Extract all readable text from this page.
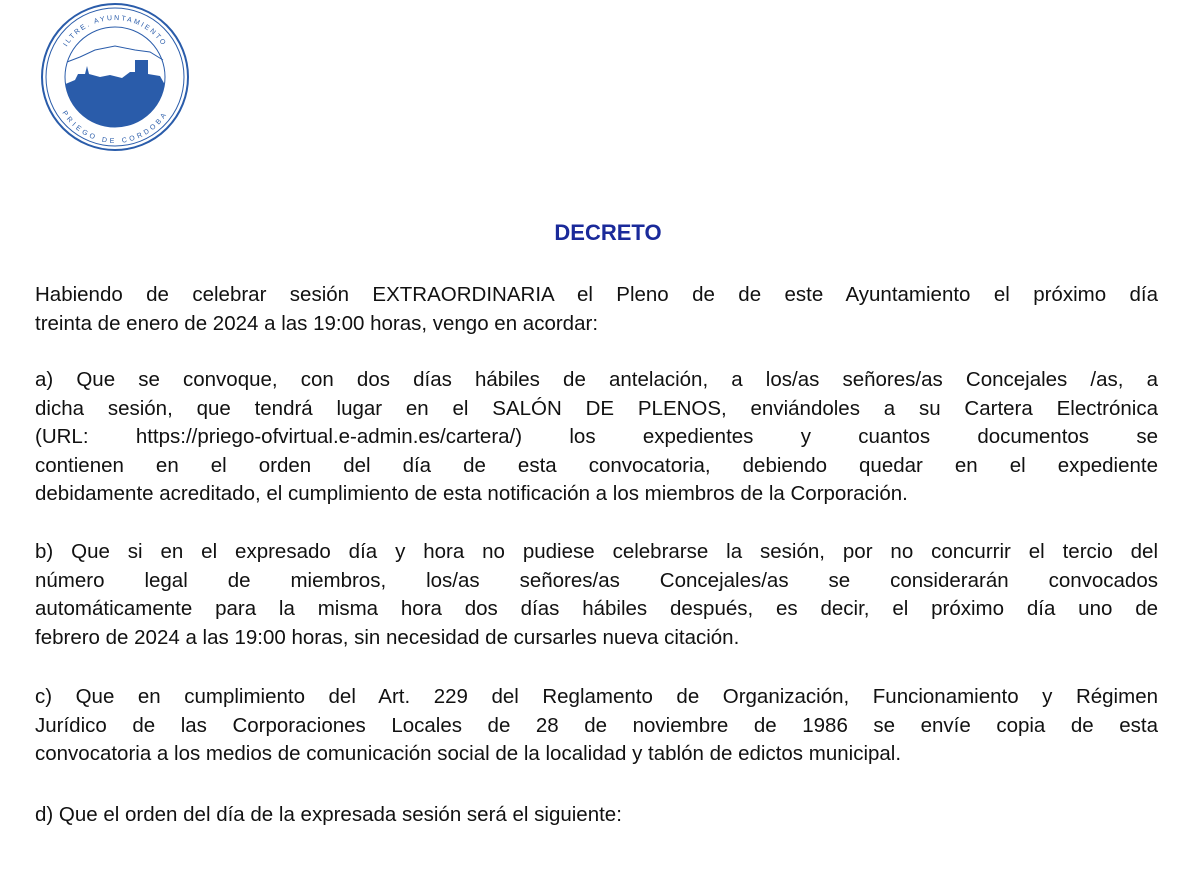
ILTRE. AYUNTAMIENTO
PRIEGO DE CORDOBA
DECRETO
Habiendo de celebrar sesión EXTRAORDINARIA el Pleno de de este Ayuntamiento el próximo día
treinta de enero de 2024 a las 19:00 horas, vengo en acordar:
a) Que se convoque, con dos días hábiles de antelación, a los/as señores/as Concejales /as, a
dicha sesión, que tendrá lugar en el SALÓN DE PLENOS, enviándoles a su Cartera Electrónica
(URL: https://priego-ofvirtual.e-admin.es/cartera/) los expedientes y cuantos documentos se
contienen en el orden del día de esta convocatoria, debiendo quedar en el expediente
debidamente acreditado, el cumplimiento de esta notificación a los miembros de la Corporación.
b) Que si en el expresado día y hora no pudiese celebrarse la sesión, por no concurrir el tercio del
número legal de miembros, los/as señores/as Concejales/as se considerarán convocados
automáticamente para la misma hora dos días hábiles después, es decir, el próximo día uno de
febrero de 2024 a las 19:00 horas, sin necesidad de cursarles nueva citación.
c) Que en cumplimiento del Art. 229 del Reglamento de Organización, Funcionamiento y Régimen
Jurídico de las Corporaciones Locales de 28 de noviembre de 1986 se envíe copia de esta
convocatoria a los medios de comunicación social de la localidad y tablón de edictos municipal.
d) Que el orden del día de la expresada sesión será el siguiente:
